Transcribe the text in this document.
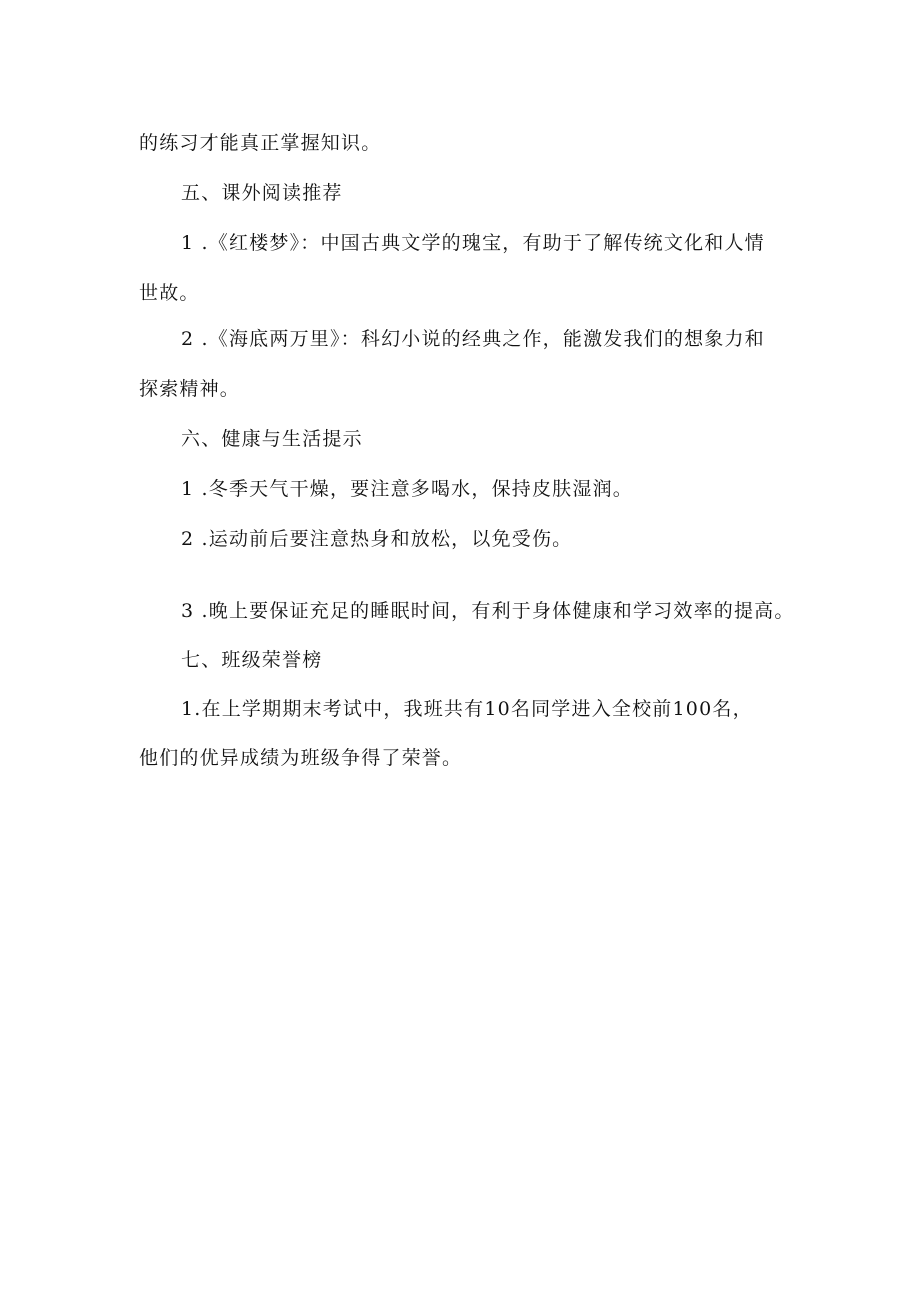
的练习才能真正掌握知识。
五、课外阅读推荐
1 .《红楼梦》：中国古典文学的瑰宝，有助于了解传统文化和人情
世故。
2 .《海底两万里》：科幻小说的经典之作，能激发我们的想象力和
探索精神。
六、健康与生活提示
1 .冬季天气干燥，要注意多喝水，保持皮肤湿润。
2 .运动前后要注意热身和放松，以免受伤。
3 .晚上要保证充足的睡眠时间，有利于身体健康和学习效率的提高。
七、班级荣誉榜
1.在上学期期末考试中，我班共有10名同学进入全校前100名，
他们的优异成绩为班级争得了荣誉。
